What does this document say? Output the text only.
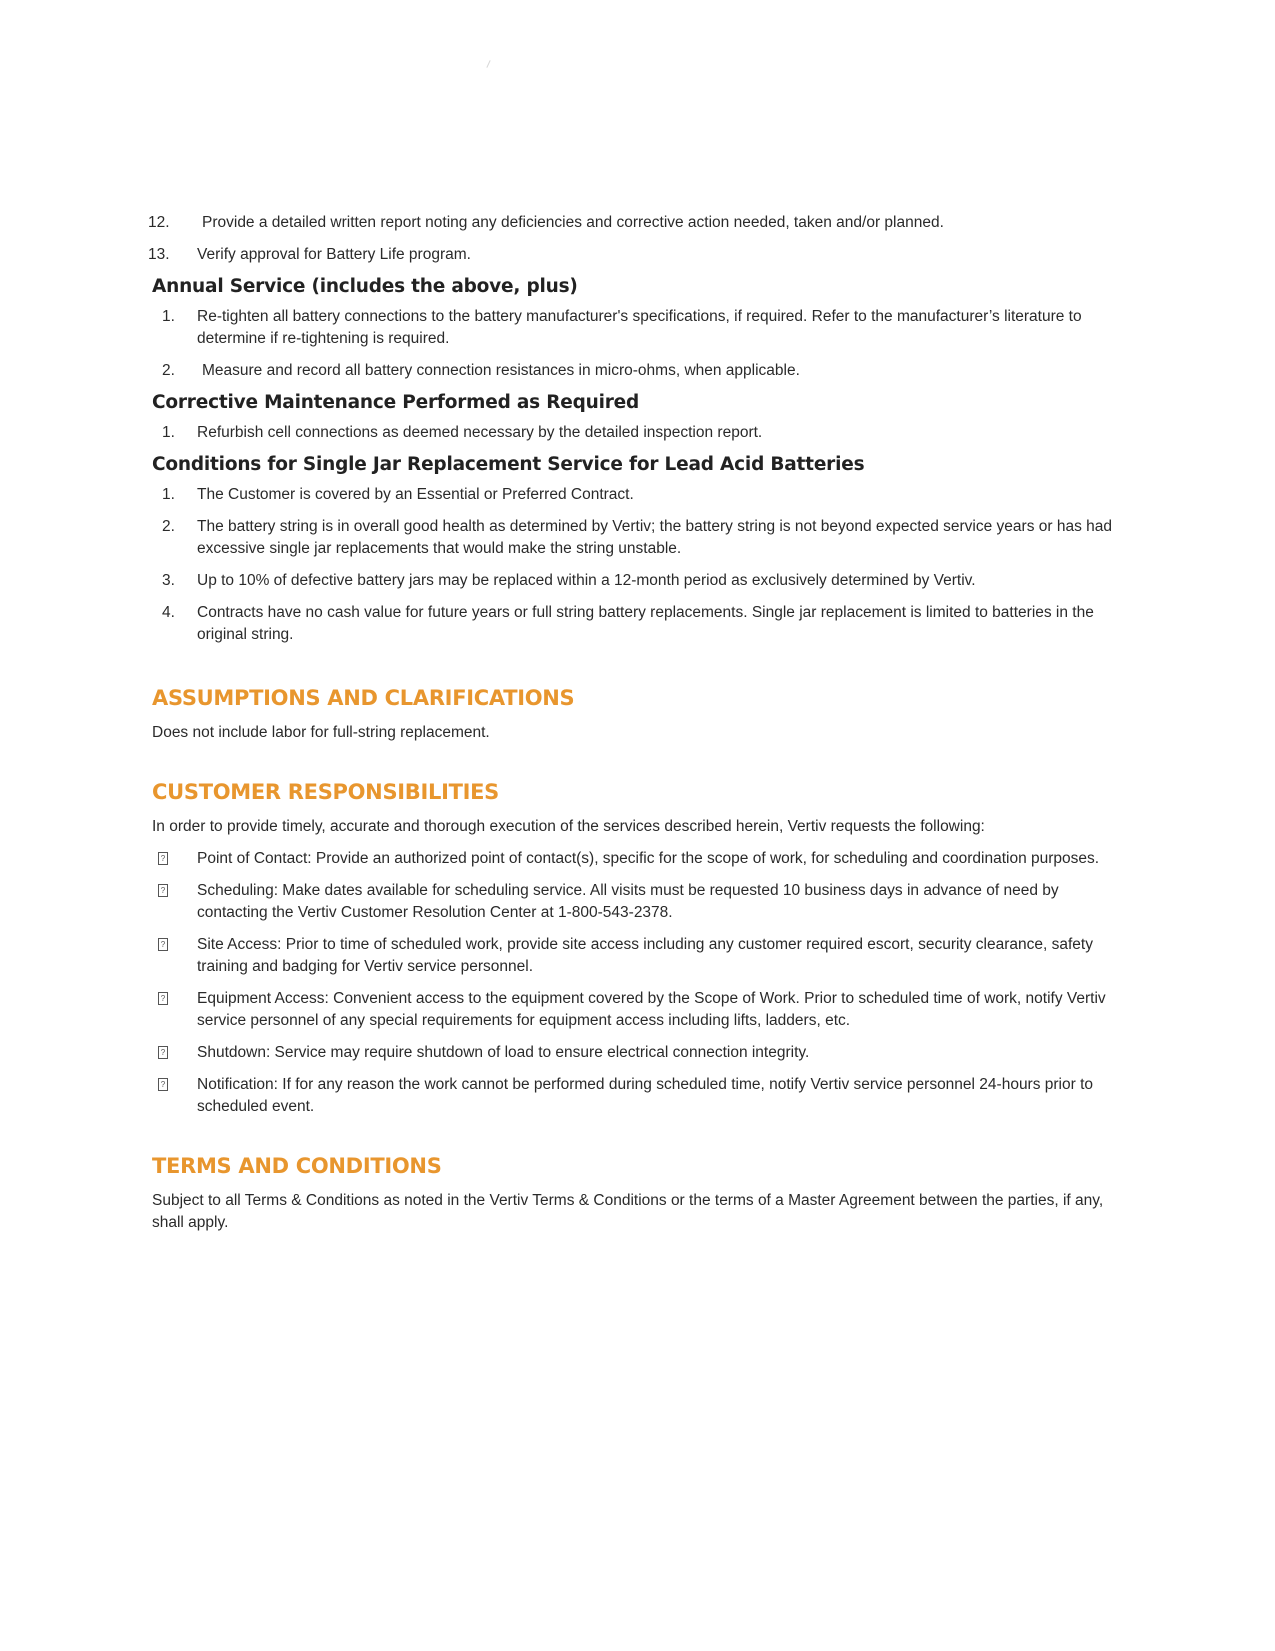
12.	Provide a detailed written report noting any deficiencies and corrective action needed, taken and/or planned.
13.	Verify approval for Battery Life program.
Annual Service (includes the above, plus)
1.	Re-tighten all battery connections to the battery manufacturer's specifications, if required. Refer to the manufacturer’s literature to determine if re-tightening is required.
2.	Measure and record all battery connection resistances in micro-ohms, when applicable.
Corrective Maintenance Performed as Required
1.	Refurbish cell connections as deemed necessary by the detailed inspection report.
Conditions for Single Jar Replacement Service for Lead Acid Batteries
1.	The Customer is covered by an Essential or Preferred Contract.
2.	The battery string is in overall good health as determined by Vertiv; the battery string is not beyond expected service years or has had excessive single jar replacements that would make the string unstable.
3.	Up to 10% of defective battery jars may be replaced within a 12-month period as exclusively determined by Vertiv.
4.	Contracts have no cash value for future years or full string battery replacements. Single jar replacement is limited to batteries in the original string.
ASSUMPTIONS AND CLARIFICATIONS

Does not include labor for full-string replacement.

CUSTOMER RESPONSIBILITIES

In order to provide timely, accurate and thorough execution of the services described herein, Vertiv requests the following:

? Point of Contact: Provide an authorized point of contact(s), specific for the scope of work, for scheduling and coordination purposes.
? Scheduling: Make dates available for scheduling service. All visits must be requested 10 business days in advance of need by contacting the Vertiv Customer Resolution Center at 1-800-543-2378.
? Site Access: Prior to time of scheduled work, provide site access including any customer required escort, security clearance, safety training and badging for Vertiv service personnel.
? Equipment Access: Convenient access to the equipment covered by the Scope of Work. Prior to scheduled time of work, notify Vertiv service personnel of any special requirements for equipment access including lifts, ladders, etc.
? Shutdown: Service may require shutdown of load to ensure electrical connection integrity.
? Notification: If for any reason the work cannot be performed during scheduled time, notify Vertiv service personnel 24-hours prior to scheduled event.
TERMS AND CONDITIONS

Subject to all Terms & Conditions as noted in the Vertiv Terms & Conditions or the terms of a Master Agreement between the parties, if any, shall apply.
